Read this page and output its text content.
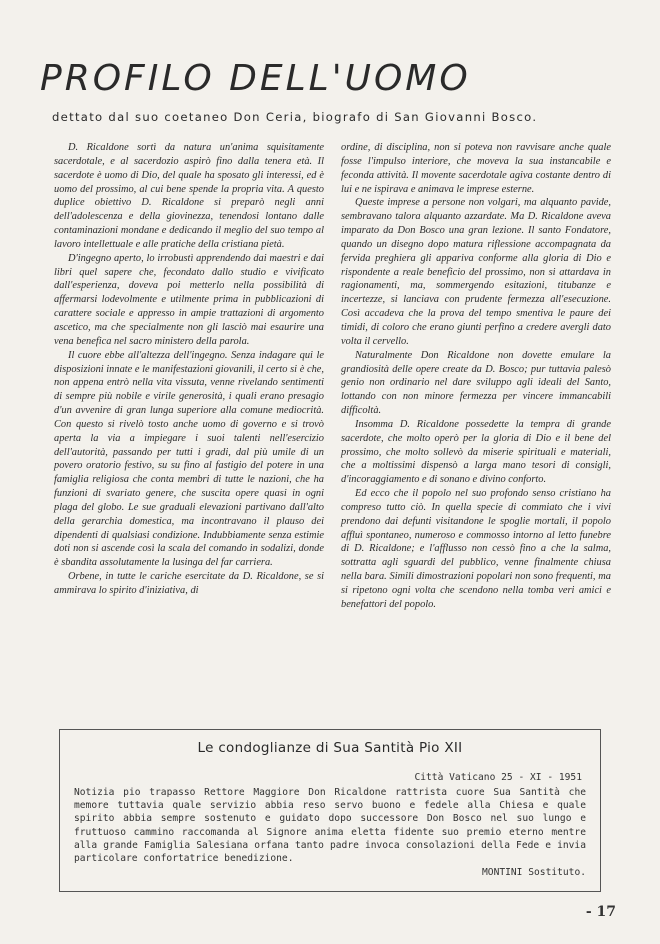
PROFILO DELL'UOMO
dettato dal suo coetaneo Don Ceria, biografo di San Giovanni Bosco.

D. Ricaldone sortì da natura un'anima squisitamente sacerdotale, e al sacerdozio aspirò fino dalla tenera età. Il sacerdote è uomo di Dio, del quale ha sposato gli interessi, ed è uomo del prossimo, al cui bene spende la propria vita. A questo duplice obiettivo D. Ricaldone si preparò negli anni dell'adolescenza e della giovinezza, tenendosi lontano dalle contaminazioni mondane e dedicando il meglio del suo tempo al lavoro intellettuale e alle pratiche della cristiana pietà.

D'ingegno aperto, lo irrobustì apprendendo dai maestri e dai libri quel sapere che, fecondato dallo studio e vivificato dall'esperienza, doveva poi metterlo nella possibilità di affermarsi lodevolmente e utilmente prima in pubblicazioni di carattere sociale e appresso in ampie trattazioni di argomento ascetico, ma che specialmente non gli lasciò mai esaurire una vena benefica nel sacro ministero della parola.

Il cuore ebbe all'altezza dell'ingegno. Senza indagare qui le disposizioni innate e le manifestazioni giovanili, il certo si è che, non appena entrò nella vita vissuta, venne rivelando sentimenti di sempre più nobile e virile generosità, i quali erano presagio d'un avvenire di gran lunga superiore alla comune mediocrità. Con questo si rivelò tosto anche uomo di governo e si trovò aperta la via a impiegare i suoi talenti nell'esercizio dell'autorità, passando per tutti i gradi, dal più umile di un povero oratorio festivo, su su fino al fastigio del potere in una famiglia religiosa che conta membri di tutte le nazioni, che ha funzioni di svariato genere, che suscita opere quasi in ogni plaga del globo. Le sue graduali elevazioni partivano dall'alto della gerarchia domestica, ma incontravano il plauso dei dipendenti di qualsiasi condizione. Indubbiamente senza estimie doti non si ascende così la scala del comando in sodalizi, donde è sbandita assolutamente la lusinga del far carriera.

Orbene, in tutte le cariche esercitate da D. Ricaldone, se si ammirava lo spirito d'iniziativa, di

ordine, di disciplina, non si poteva non ravvisare anche quale fosse l'impulso interiore, che moveva la sua instancabile e feconda attività. Il movente sacerdotale agiva costante dentro di lui e ne ispirava e animava le imprese esterne.

Queste imprese a persone non volgari, ma alquanto pavide, sembravano talora alquanto azzardate. Ma D. Ricaldone aveva imparato da Don Bosco una gran lezione. Il santo Fondatore, quando un disegno dopo matura riflessione accompagnata da fervida preghiera gli appariva conforme alla gloria di Dio e rispondente a reale beneficio del prossimo, non si attardava in ragionamenti, ma, sommergendo esitazioni, titubanze e incertezze, si lanciava con prudente fermezza all'esecuzione. Così accadeva che la prova del tempo smentiva le paure dei timidi, di coloro che erano giunti perfino a credere avergli dato volta il cervello.

Naturalmente Don Ricaldone non dovette emulare la grandiosità delle opere create da D. Bosco; pur tuttavia palesò genio non ordinario nel dare sviluppo agli ideali del Santo, lottando con non minore fermezza per vincere immancabili difficoltà.

Insomma D. Ricaldone possedette la tempra di grande sacerdote, che molto operò per la gloria di Dio e il bene del prossimo, che molto sollevò da miserie spirituali e materiali, che a moltissimi dispensò a larga mano tesori di consigli, d'incoraggiamento e di sonano e divino conforto.

Ed ecco che il popolo nel suo profondo senso cristiano ha compreso tutto ciò. In quella specie di commiato che i vivi prendono dai defunti visitandone le spoglie mortali, il popolo affluì spontaneo, numeroso e commosso intorno al letto funebre di D. Ricaldone; e l'afflusso non cessò fino a che la salma, sottratta agli sguardi del pubblico, venne finalmente chiusa nella bara. Simili dimostrazioni popolari non sono frequenti, ma si ripetono ogni volta che scendono nella tomba veri amici e benefattori del popolo.

Le condoglianze di Sua Santità Pio XII
Città Vaticano 25 - XI - 1951
Notizia pio trapasso Rettore Maggiore Don Ricaldone rattrista cuore Sua Santità che memore tuttavia quale servizio abbia reso servo buono e fedele alla Chiesa e quale spirito abbia sempre sostenuto e guidato dopo successore Don Bosco nel suo lungo e fruttuoso cammino raccomanda al Signore anima eletta fidente suo premio eterno mentre alla grande Famiglia Salesiana orfana tanto padre invoca consolazioni della Fede e invia particolare confortatrice benedizione.
MONTINI Sostituto.
- 17
